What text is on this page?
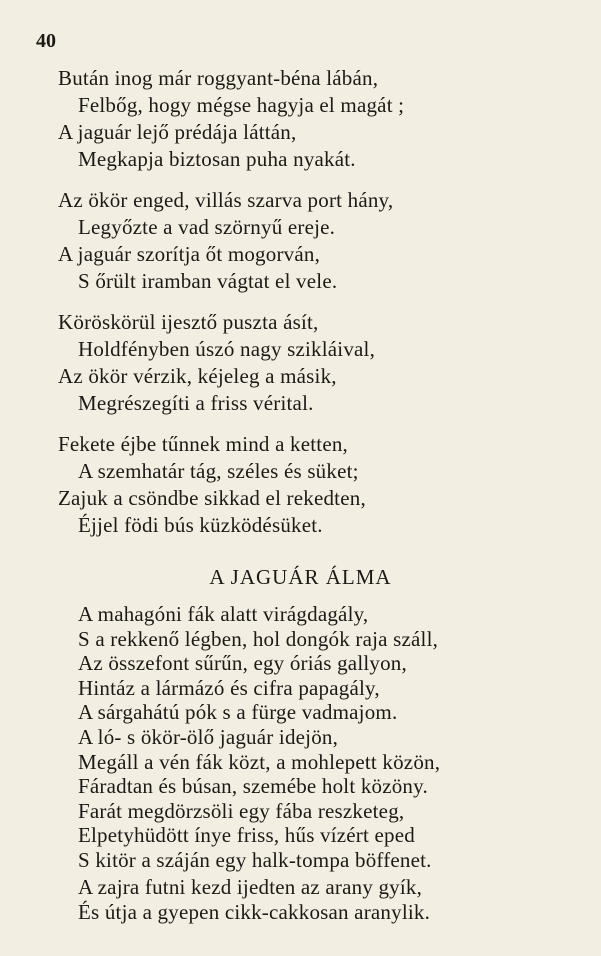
40
Bután inog már roggyant-béna lábán,
Felbőg, hogy mégse hagyja el magát ;
A jaguár lejő prédája láttán,
Megkapja biztosan puha nyakát.
Az ökör enged, villás szarva port hány,
Legyőzte a vad szörnyű ereje.
A jaguár szorítja őt mogorván,
S őrült iramban vágtat el vele.
Köröskörül ijesztő puszta ásít,
Holdfényben úszó nagy szikláival,
Az ökör vérzik, kéjeleg a másik,
Megrészegíti a friss vérital.
Fekete éjbe tűnnek mind a ketten,
A szemhatár tág, széles és süket;
Zajuk a csöndbe sikkad el rekedten,
Éjjel födi bús küzködésüket.
A JAGUÁR ÁLMA
A mahagóni fák alatt virágdagály,
S a rekkenő légben, hol dongók raja száll,
Az összefont sűrűn, egy óriás gallyon,
Hintáz a lármázó és cifra papagály,
A sárgahátú pók s a fürge vadmajom.
A ló- s ökör-ölő jaguár idejön,
Megáll a vén fák közt, a mohlepett közön,
Fáradtan és búsan, szemébe holt közöny.
Farát megdörzsöli egy fába reszketeg,
Elpetyhüdött ínye friss, hűs vízért eped
S kitör a száján egy halk-tompa böffenet.
A zajra futni kezd ijedten az arany gyík,
És útja a gyepen cikk-cakkosan aranylik.
